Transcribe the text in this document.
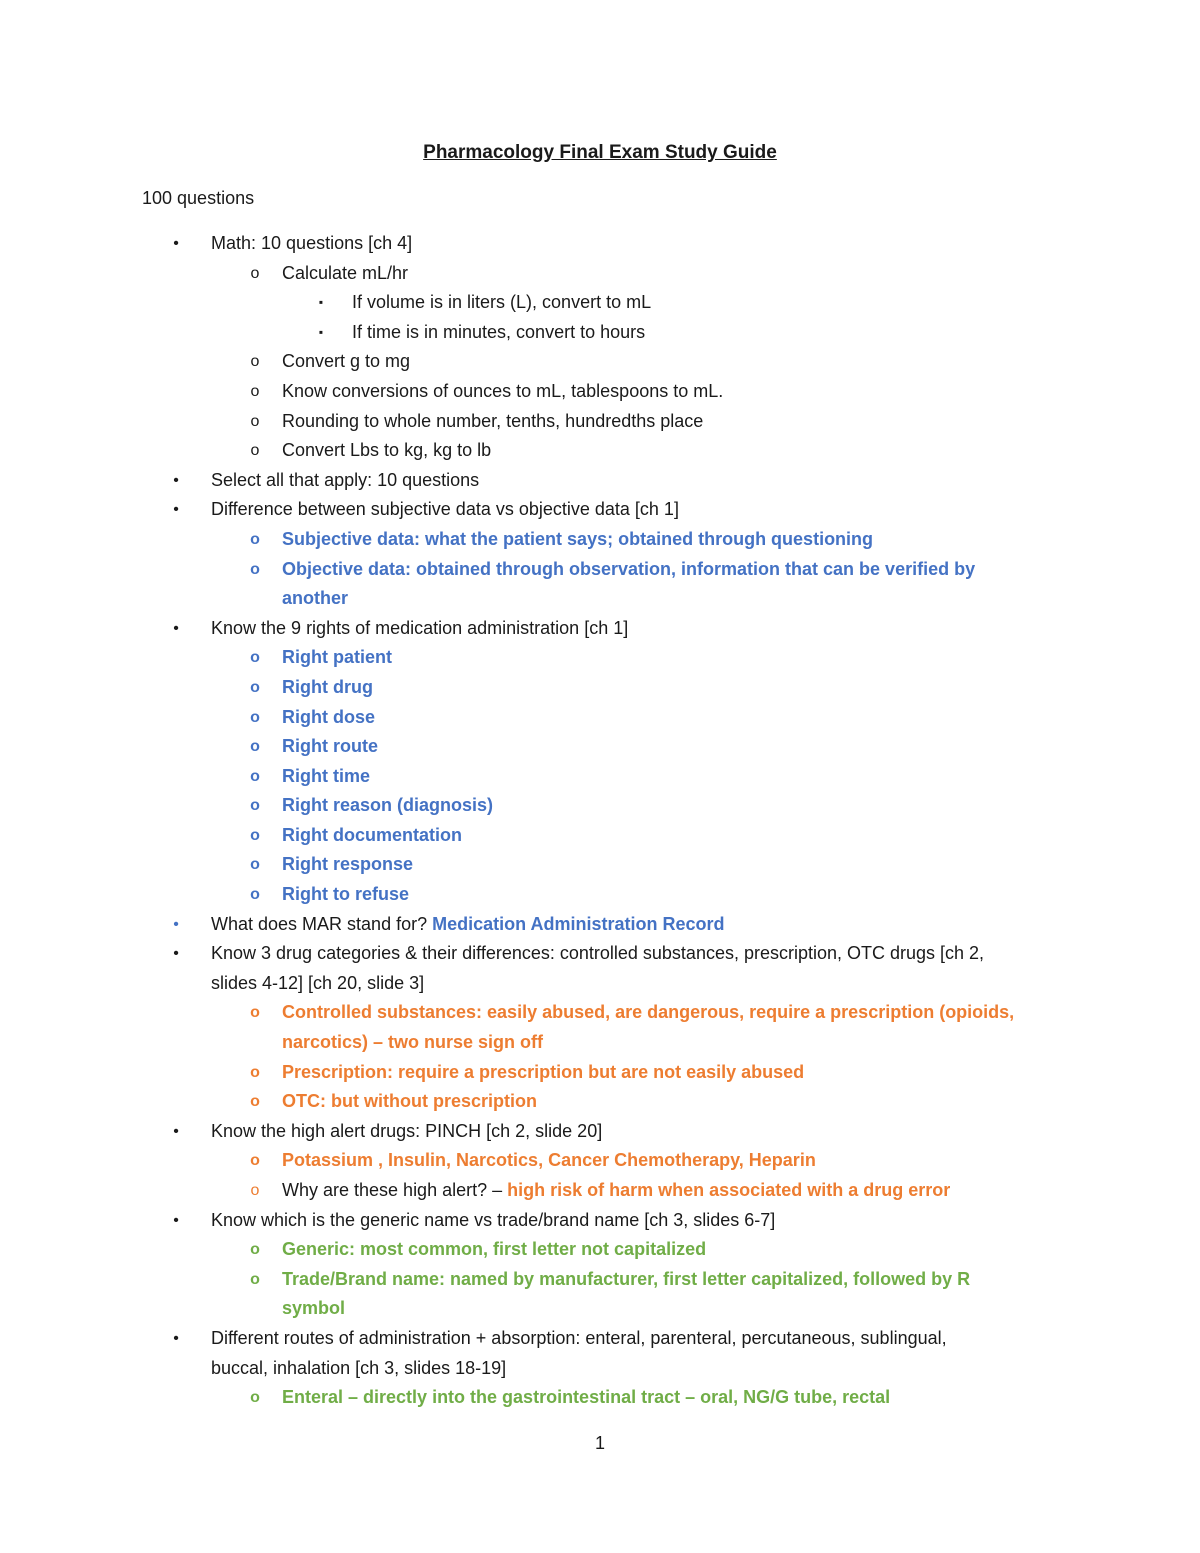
Pharmacology Final Exam Study Guide
100 questions
•	Math: 10 questions [ch 4]
o	Calculate mL/hr
▪	If volume is in liters (L), convert to mL
▪	If time is in minutes, convert to hours
o	Convert g to mg
o	Know conversions of ounces to mL, tablespoons to mL.
o	Rounding to whole number, tenths, hundredths place
o	Convert Lbs to kg, kg to lb
•	Select all that apply: 10 questions
•	Difference between subjective data vs objective data [ch 1]
o	Subjective data: what the patient says; obtained through questioning
o	Objective data: obtained through observation, information that can be verified by
another
•	Know the 9 rights of medication administration [ch 1]
o	Right patient
o	Right drug
o	Right dose
o	Right route
o	Right time
o	Right reason (diagnosis)
o	Right documentation
o	Right response
o	Right to refuse
•	What does MAR stand for? Medication Administration Record
•	Know 3 drug categories & their differences: controlled substances, prescription, OTC drugs [ch 2,
slides 4-12] [ch 20, slide 3]
o	Controlled substances: easily abused, are dangerous, require a prescription (opioids,
narcotics) – two nurse sign off
o	Prescription: require a prescription but are not easily abused
o	OTC: but without prescription
•	Know the high alert drugs: PINCH [ch 2, slide 20]
o	Potassium , Insulin, Narcotics, Cancer Chemotherapy, Heparin
o	Why are these high alert? – high risk of harm when associated with a drug error
•	Know which is the generic name vs trade/brand name [ch 3, slides 6-7]
o	Generic: most common, first letter not capitalized
o	Trade/Brand name: named by manufacturer, first letter capitalized, followed by R
symbol
•	Different routes of administration + absorption: enteral, parenteral, percutaneous, sublingual,
buccal, inhalation [ch 3, slides 18-19]
o	Enteral – directly into the gastrointestinal tract – oral, NG/G tube, rectal
1
